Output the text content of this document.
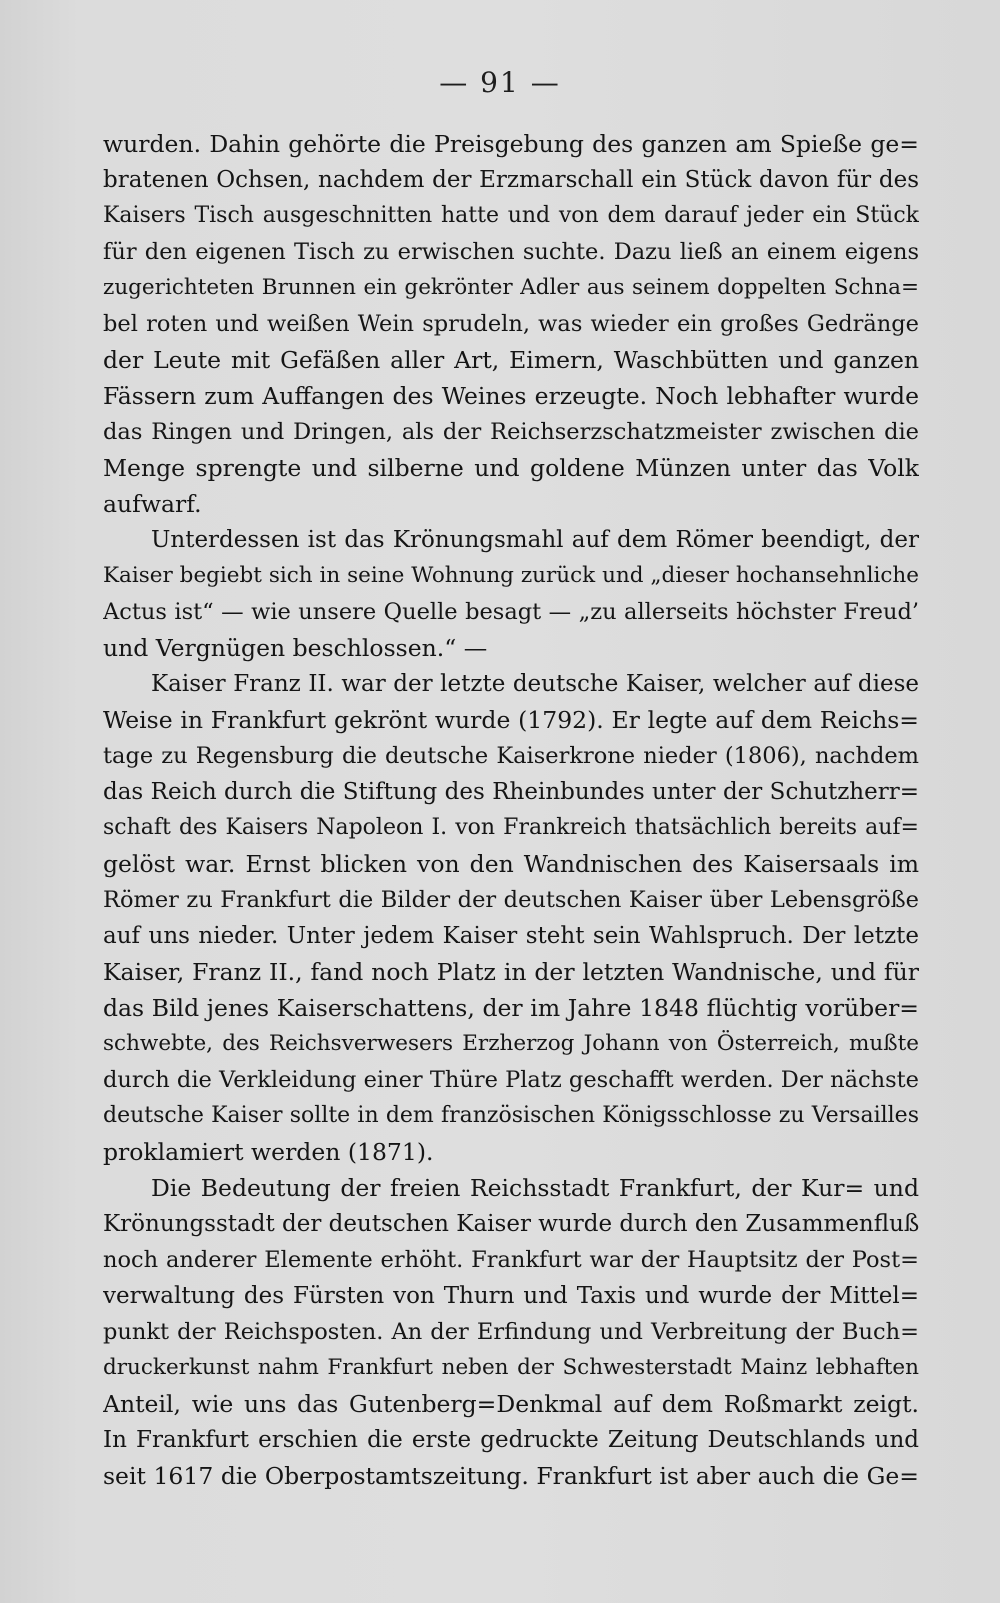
— 91 —
wurden. Dahin gehörte die Preisgebung des ganzen am Spieße ge=
bratenen Ochsen, nachdem der Erzmarschall ein Stück davon für des
Kaisers Tisch ausgeschnitten hatte und von dem darauf jeder ein Stück
für den eigenen Tisch zu erwischen suchte. Dazu ließ an einem eigens
zugerichteten Brunnen ein gekrönter Adler aus seinem doppelten Schna=
bel roten und weißen Wein sprudeln, was wieder ein großes Gedränge
der Leute mit Gefäßen aller Art, Eimern, Waschbütten und ganzen
Fässern zum Auffangen des Weines erzeugte. Noch lebhafter wurde
das Ringen und Dringen, als der Reichserzschatzmeister zwischen die
Menge sprengte und silberne und goldene Münzen unter das Volk
aufwarf.
Unterdessen ist das Krönungsmahl auf dem Römer beendigt, der
Kaiser begiebt sich in seine Wohnung zurück und „dieser hochansehnliche
Actus ist“ — wie unsere Quelle besagt — „zu allerseits höchster Freud’
und Vergnügen beschlossen.“ —
Kaiser Franz II. war der letzte deutsche Kaiser, welcher auf diese
Weise in Frankfurt gekrönt wurde (1792). Er legte auf dem Reichs=
tage zu Regensburg die deutsche Kaiserkrone nieder (1806), nachdem
das Reich durch die Stiftung des Rheinbundes unter der Schutzherr=
schaft des Kaisers Napoleon I. von Frankreich thatsächlich bereits auf=
gelöst war. Ernst blicken von den Wandnischen des Kaisersaals im
Römer zu Frankfurt die Bilder der deutschen Kaiser über Lebensgröße
auf uns nieder. Unter jedem Kaiser steht sein Wahlspruch. Der letzte
Kaiser, Franz II., fand noch Platz in der letzten Wandnische, und für
das Bild jenes Kaiserschattens, der im Jahre 1848 flüchtig vorüber=
schwebte, des Reichsverwesers Erzherzog Johann von Österreich, mußte
durch die Verkleidung einer Thüre Platz geschafft werden. Der nächste
deutsche Kaiser sollte in dem französischen Königsschlosse zu Versailles
proklamiert werden (1871).
Die Bedeutung der freien Reichsstadt Frankfurt, der Kur= und
Krönungsstadt der deutschen Kaiser wurde durch den Zusammenfluß
noch anderer Elemente erhöht. Frankfurt war der Hauptsitz der Post=
verwaltung des Fürsten von Thurn und Taxis und wurde der Mittel=
punkt der Reichsposten. An der Erfindung und Verbreitung der Buch=
druckerkunst nahm Frankfurt neben der Schwesterstadt Mainz lebhaften
Anteil, wie uns das Gutenberg=Denkmal auf dem Roßmarkt zeigt.
In Frankfurt erschien die erste gedruckte Zeitung Deutschlands und
seit 1617 die Oberpostamtszeitung. Frankfurt ist aber auch die Ge=
